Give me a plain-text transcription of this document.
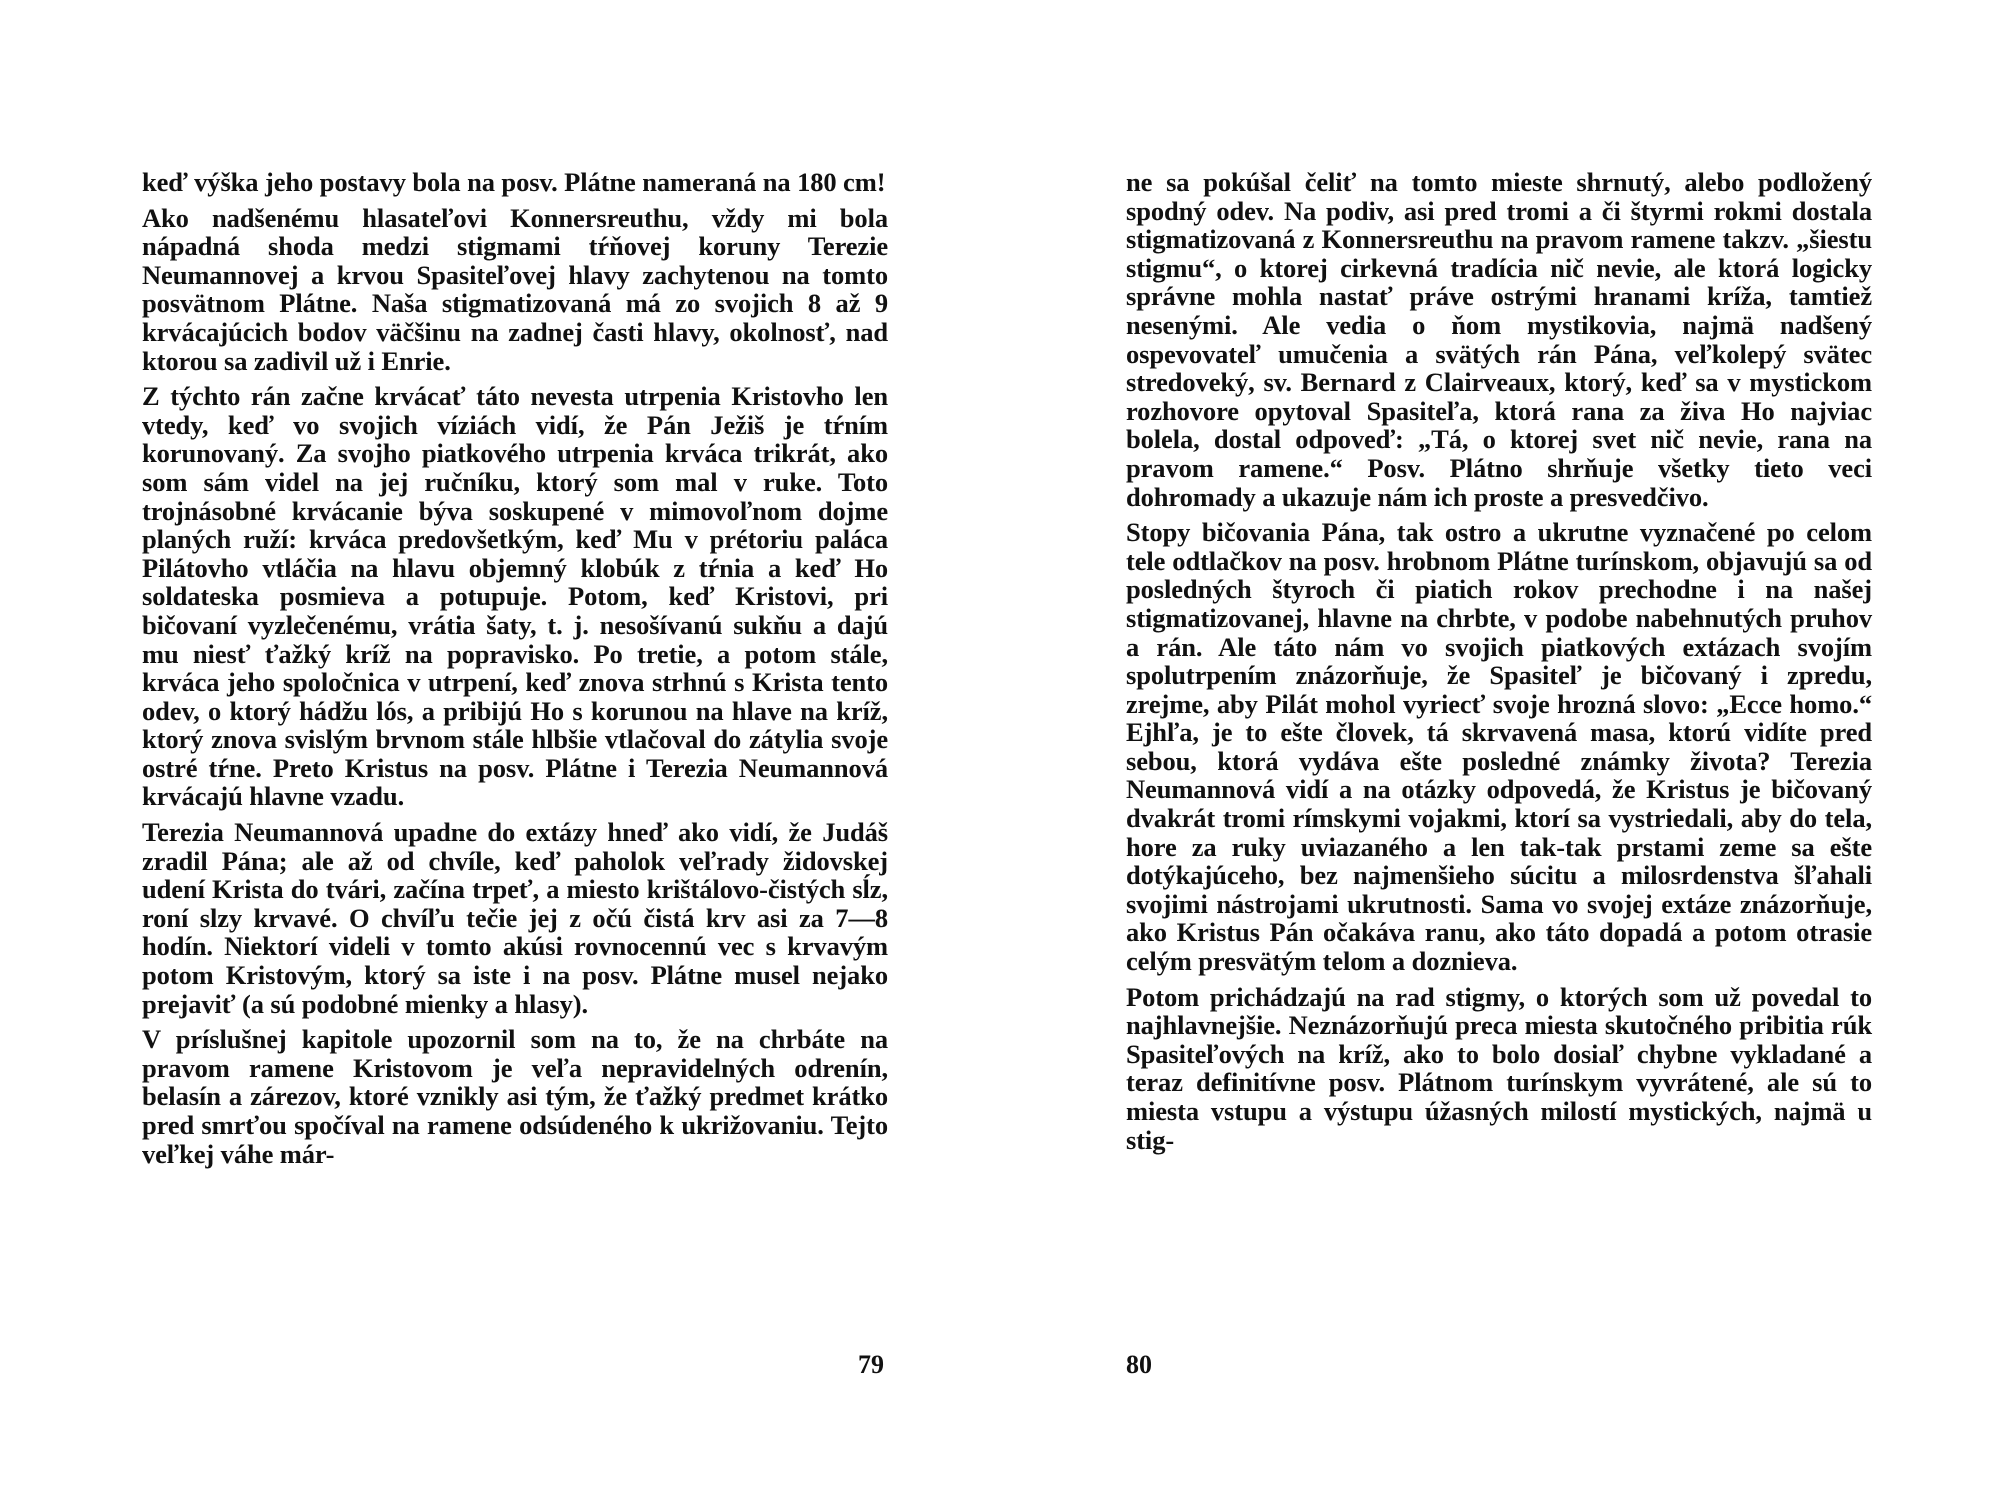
keď výška jeho postavy bola na posv. Plátne nameraná na 180 cm!

Ako nadšenému hlasateľovi Konnersreuthu, vždy mi bola nápadná shoda medzi stigmami tŕňovej koruny Terezie Neumannovej a krvou Spasiteľovej hlavy zachytenou na tomto posvätnom Plátne. Naša stigmatizovaná má zo svojich 8 až 9 krvácajúcich bodov väčšinu na zadnej časti hlavy, okolnosť, nad ktorou sa zadivil už i Enrie.

Z týchto rán začne krvácať táto nevesta utrpenia Kristovho len vtedy, keď vo svojich víziách vidí, že Pán Ježiš je tŕním korunovaný. Za svojho piatkového utrpenia krváca trikrát, ako som sám videl na jej ručníku, ktorý som mal v ruke. Toto trojnásobné krvácanie býva soskupené v mimovoľnom dojme planých ruží: krváca predovšetkým, keď Mu v prétoriu paláca Pilátovho vtláčia na hlavu objemný klobúk z tŕnia a keď Ho soldateska posmieva a potupuje. Potom, keď Kristovi, pri bičovaní vyzlečenému, vrátia šaty, t. j. nesošívanú sukňu a dajú mu niesť ťažký kríž na popravisko. Po tretie, a potom stále, krváca jeho spoločnica v utrpení, keď znova strhnú s Krista tento odev, o ktorý hádžu lós, a pribijú Ho s korunou na hlave na kríž, ktorý znova svislým brvnom stále hlbšie vtlačoval do zátylia svoje ostré tŕne. Preto Kristus na posv. Plátne i Terezia Neumannová krvácajú hlavne vzadu.

Terezia Neumannová upadne do extázy hneď ako vidí, že Judáš zradil Pána; ale až od chvíle, keď paholok veľrady židovskej udení Krista do tvári, začína trpeť, a miesto krištálovo-čistých sĺz, roní slzy krvavé. O chvíľu tečie jej z očú čistá krv asi za 7—8 hodín. Niektorí videli v tomto akúsi rovnocennú vec s krvavým potom Kristovým, ktorý sa iste i na posv. Plátne musel nejako prejaviť (a sú podobné mienky a hlasy).

V príslušnej kapitole upozornil som na to, že na chrbáte na pravom ramene Kristovom je veľa nepravidelných odrenín, belasín a zárezov, ktoré vznikly asi tým, že ťažký predmet krátko pred smrťou spočíval na ramene odsúdeného k ukrižovaniu. Tejto veľkej váhe már-

79

ne sa pokúšal čeliť na tomto mieste shrnutý, alebo podložený spodný odev. Na podiv, asi pred tromi a či štyrmi rokmi dostala stigmatizovaná z Konnersreuthu na pravom ramene takzv. „šiestu stigmu“, o ktorej cirkevná tradícia nič nevie, ale ktorá logicky správne mohla nastať práve ostrými hranami kríža, tamtiež nesenými. Ale vedia o ňom mystikovia, najmä nadšený ospevovateľ umučenia a svätých rán Pána, veľkolepý svätec stredoveký, sv. Bernard z Clairveaux, ktorý, keď sa v mystickom rozhovore opytoval Spasiteľa, ktorá rana za živa Ho najviac bolela, dostal odpoveď: „Tá, o ktorej svet nič nevie, rana na pravom ramene.“ Posv. Plátno shrňuje všetky tieto veci dohromady a ukazuje nám ich proste a presvedčivo.

Stopy bičovania Pána, tak ostro a ukrutne vyznačené po celom tele odtlačkov na posv. hrobnom Plátne turínskom, objavujú sa od posledných štyroch či piatich rokov prechodne i na našej stigmatizovanej, hlavne na chrbte, v podobe nabehnutých pruhov a rán. Ale táto nám vo svojich piatkových extázach svojím spolutrpením znázorňuje, že Spasiteľ je bičovaný i zpredu, zrejme, aby Pilát mohol vyriecť svoje hrozná slovo: „Ecce homo.“ Ejhľa, je to ešte človek, tá skrvavená masa, ktorú vidíte pred sebou, ktorá vydáva ešte posledné známky života? Terezia Neumannová vidí a na otázky odpovedá, že Kristus je bičovaný dvakrát tromi rímskymi vojakmi, ktorí sa vystriedali, aby do tela, hore za ruky uviazaného a len tak-tak prstami zeme sa ešte dotýkajúceho, bez najmenšieho súcitu a milosrdenstva šľahali svojimi nástrojami ukrutnosti. Sama vo svojej extáze znázorňuje, ako Kristus Pán očakáva ranu, ako táto dopadá a potom otrasie celým presvätým telom a doznieva.

Potom prichádzajú na rad stigmy, o ktorých som už povedal to najhlavnejšie. Neznázorňujú preca miesta skutočného pribitia rúk Spasiteľových na kríž, ako to bolo dosiaľ chybne vykladané a teraz definitívne posv. Plátnom turínskym vyvrátené, ale sú to miesta vstupu a výstupu úžasných milostí mystických, najmä u stig-

80
